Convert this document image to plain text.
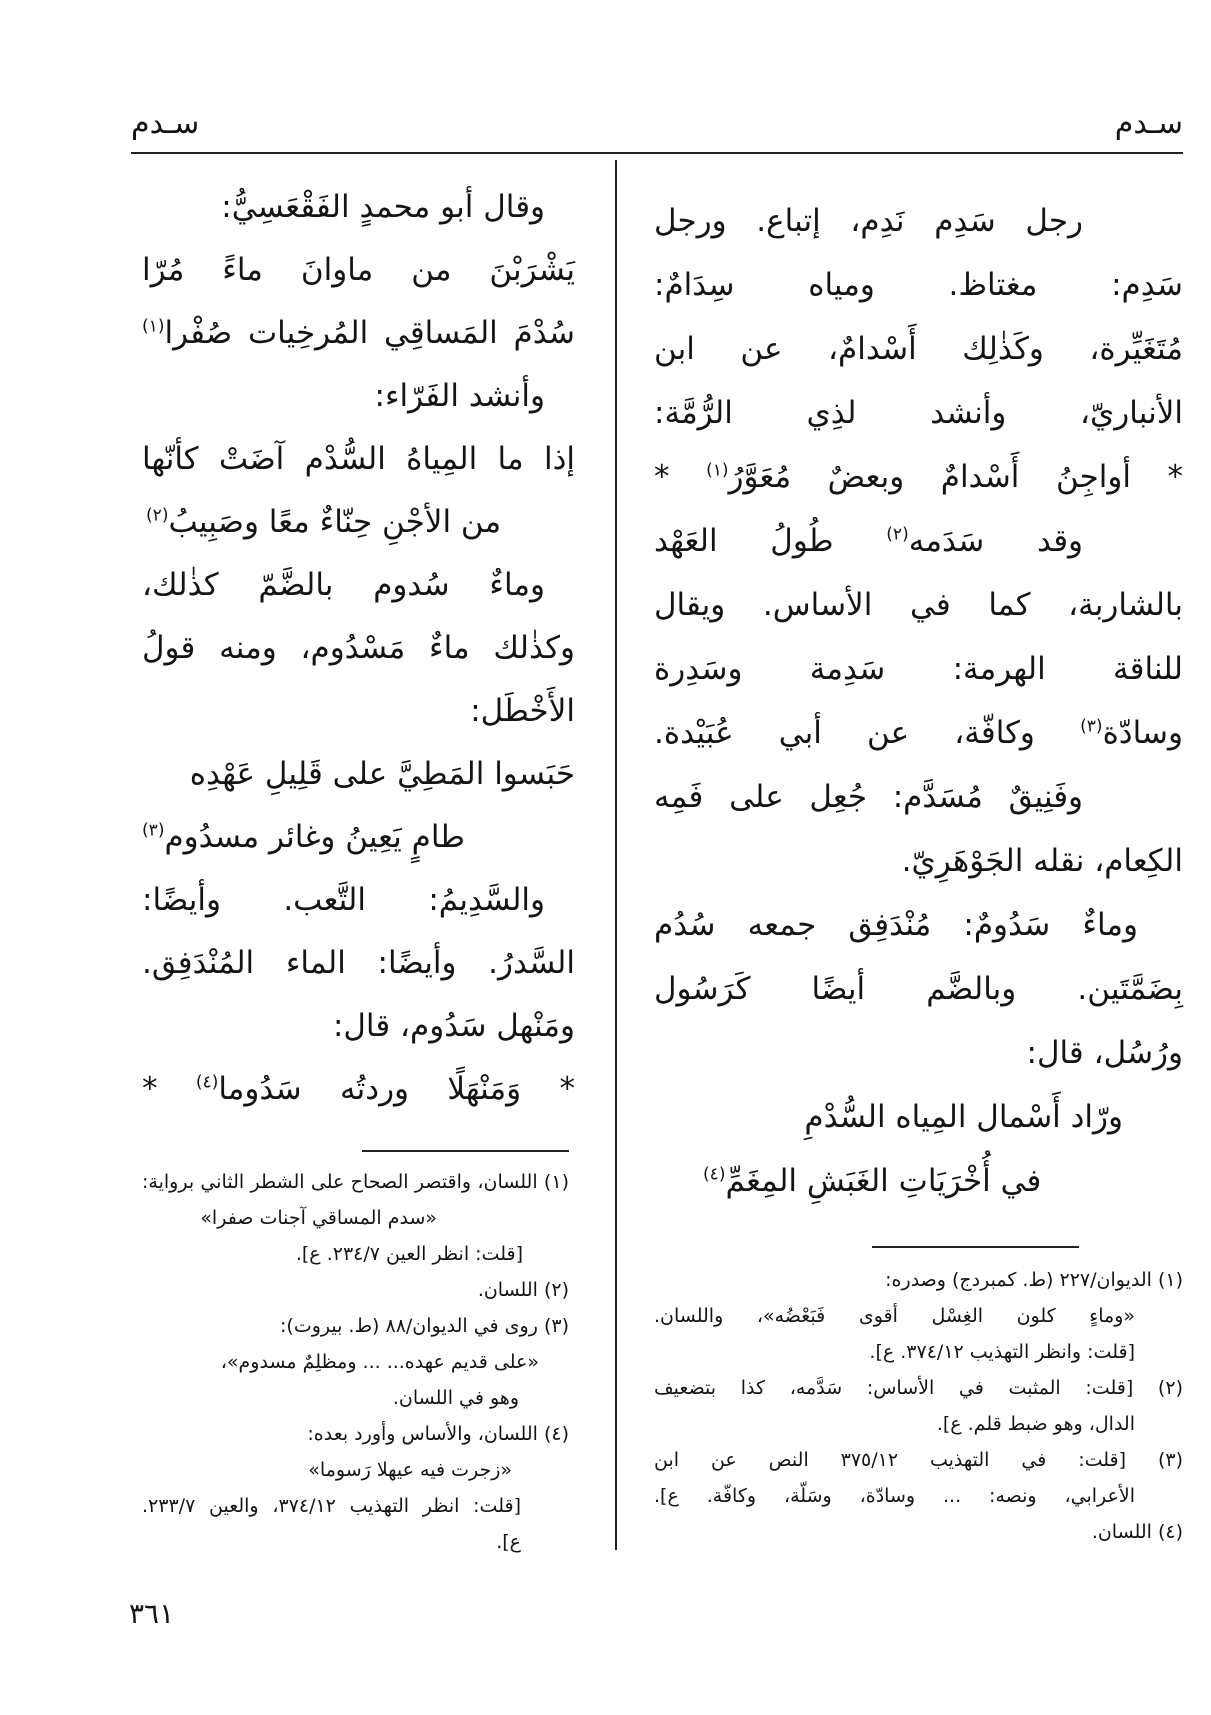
سـدم
سـدم
رجل سَدِم نَدِم، إتباع. ورجل
سَدِم: مغتاظ. ومياه سِدَامٌ:
مُتَغَيِّرة، وكَذٰلِك أَسْدامٌ، عن ابن
الأنباريّ، وأنشد لذِي الرُّمَّة:
* أواجِنُ أَسْدامٌ وبعضٌ مُعَوَّرُ$^{(١)}$ *
وقد سَدَمه$^{(٢)}$ طُولُ العَهْد
بالشاربة، كما في الأساس. ويقال
للناقة الهرمة: سَدِمة وسَدِرة
وسادّة$^{(٣)}$ وكافّة، عن أبي عُبَيْدة.
وفَنِيقٌ مُسَدَّم: جُعِل على فَمِه
الكِعام، نقله الجَوْهَرِيّ.
وماءٌ سَدُومٌ: مُنْدَفِق جمعه سُدُم
بِضَمَّتَين. وبالضَّم أيضًا كَرَسُول
ورُسُل، قال:
ورّاد أَسْمال المِياه السُّدْمِ
في أُخْرَيَاتِ الغَبَشِ المِغَمِّ$^{(٤)}$
(١) الديوان/٢٢٧ (ط. كمبردج) وصدره:
«وماءٍ كلون الغِسْل أقوى فَبَعْضُه»، واللسان.
[قلت: وانظر التهذيب ٣٧٤/١٢. ع].
(٢) [قلت: المثبت في الأساس: سَدَّمه، كذا بتضعيف
الدال، وهو ضبط قلم. ع].
(٣) [قلت: في التهذيب ٣٧٥/١٢ النص عن ابن
الأعرابي، ونصه: ... وسادّة، وسَلّة، وكافّة. ع].
(٤) اللسان.
وقال أبو محمدٍ الفَقْعَسِيُّ:
يَشْرَبْنَ من ماوانَ ماءً مُرّا
سُدْمَ المَساقِي المُرخِيات صُفْرا$^{(١)}$
وأنشد الفَرّاء:
إذا ما المِياهُ السُّدْم آضَتْ كأنّها
من الأجْنِ حِنّاءٌ معًا وصَبِيبُ$^{(٢)}$
وماءٌ سُدوم بالضَّمّ كذٰلك،
وكذٰلك ماءٌ مَسْدُوم، ومنه قولُ
الأَخْطَل:
حَبَسوا المَطِيَّ على قَلِيلِ عَهْدِه
طامٍ يَعِينُ وغائر مسدُوم$^{(٣)}$
والسَّدِيمُ: التَّعب. وأيضًا:
السَّدرُ. وأيضًا: الماء المُنْدَفِق.
ومَنْهل سَدُوم، قال:
* وَمَنْهَلًا وردتُه سَدُوما$^{(٤)}$ *
(١) اللسان، واقتصر الصحاح على الشطر الثاني برواية:
«سدم المساقي آجنات صفرا»
[قلت: انظر العين ٢٣٤/٧. ع].
(٢) اللسان.
(٣) روى في الديوان/٨٨ (ط. بيروت):
«على قديم عهده... ... ومظلِمٌ مسدوم»،
وهو في اللسان.
(٤) اللسان، والأساس وأورد بعده:
«زجرت فيه عيهلا رَسوما»
[قلت: انظر التهذيب ٣٧٤/١٢، والعين ٢٣٣/٧.
ع].
٣٦١
